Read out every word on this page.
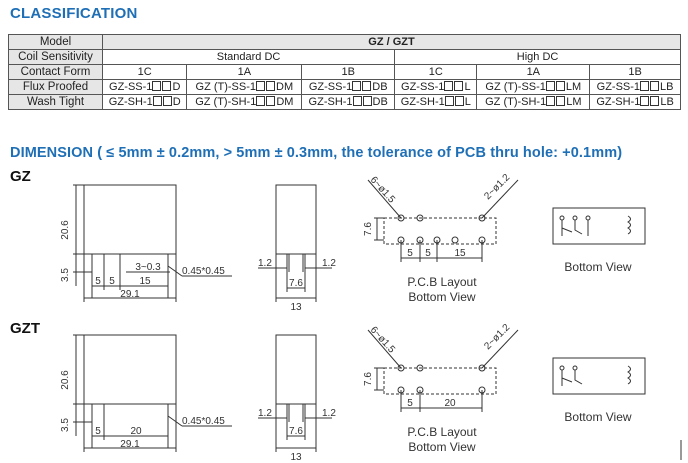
CLASSIFICATION
Model	GZ / GZT					
Coil Sensitivity	Standard DC			High DC		
Contact Form	1C	1A	1B	1C	1A	1B
Flux Proofed	GZ-SS-1 D	GZ (T)-SS-1 DM	GZ-SS-1 DB	GZ-SS-1 L	GZ (T)-SS-1 LM	GZ-SS-1 LB
Wash Tight	GZ-SH-1 D	GZ (T)-SH-1 DM	GZ-SH-1 DB	GZ-SH-1 L	GZ (T)-SH-1 LM	GZ-SH-1 LB
DIMENSION ( ≤ 5mm ± 0.2mm, > 5mm ± 0.3mm, the tolerance of PCB thru hole: +0.1mm)
GZ
GZT
20.6
3.5 5 5 15
3~0.3
29.1
0.45*0.45
1.2	1.2
7.6
13
7.6
6~ø1.5	2~ø1.2
5 5 15
P.C.B Layout
Bottom View
Bottom View
20.6
3.5 5	20
29.1
0.45*0.45
1.2	1.2
7.6
13
7.6
6~ø1.5	2~ø1.2
5	20
P.C.B Layout
Bottom View
Bottom View
